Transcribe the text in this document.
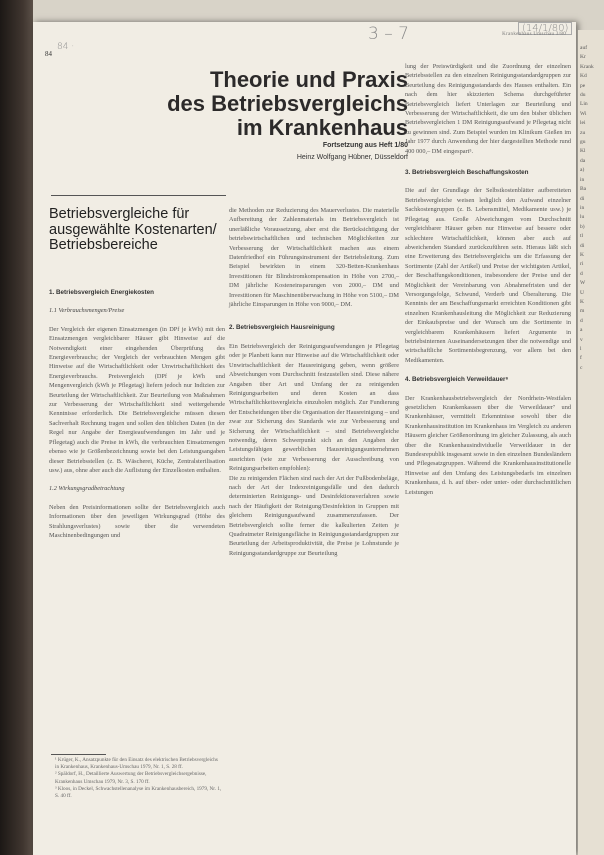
84
84 ·
3 – 7	(14/1/80)
Krankenhaus Umschau 3/80
Theorie und Praxis
des Betriebsvergleichs
im Krankenhaus
Fortsetzung aus Heft 1/80
Heinz Wolfgang Hübner, Düsseldorf
Betriebsvergleiche für ausgewählte Kostenarten/ Betriebsbereiche

1. Betriebsvergleich Energiekosten

1.1 Verbrauchsmengen/Preise

Der Vergleich der eigenen Einsatzmengen (in DPf je kWh) mit den Einsatzmengen vergleichbarer Häuser gibt Hinweise auf die Notwendigkeit einer eingehenden Überprüfung des Energieverbrauchs; der Vergleich der verbrauchten Mengen gibt Hinweise auf die Wirtschaftlichkeit oder Unwirtschaftlichkeit des Energieverbrauchs. Preisvergleich (DPf je kWh und Mengenvergleich (kWh je Pflegetag) liefern jedoch nur Indizien zur Beurteilung der Wirtschaftlichkeit. Zur Beurteilung von Maßnahmen zur Verbesserung der Wirtschaftlichkeit sind weitergehende Kenntnisse erforderlich. Die Betriebsvergleiche müssen diesen Sachverhalt Rechnung tragen und sollen den üblichen Daten (in der Regel nur Angabe der Energieaufwendungen im Jahr und je Pflegetag) auch die Preise in kWh, die verbrauchten Einsatzmengen ebenso wie je Größenbezeichnung sowie bei den Leistungsangaben dieser Betriebsstellen (z. B. Wäscherei, Küche, Zentralsterilisation usw.) aus, ohne aber auch die Auflistung der Einzelkosten enthalten.

1.2 Wirkungsgradbetrachtung

Neben den Preisinformationen sollte der Betriebsvergleich auch Informationen über den jeweiligen Wirkungsgrad (Höhe des Strahlungsverlustes) sowie über die verwendeten Maschinenbedingungen und

¹ Krüger, K., Ansatzpunkte für den Einsatz des elektrischen Betriebsvergleichs in Krankenhaus, Krankenhaus-Umschau 1979, Nr. 1, S. 28 ff.
² Späldorf, H., Detaillierte Auswertung der Betriebsvergleichsergebnisse, Krankenhaus Umschau 1979, Nr. 3, S. 170 ff.
³ Kloos, in Deckel, Schwachstellenanalyse im Krankenhausbereich, 1979, Nr. 1, S. 40 ff.

die Methoden zur Reduzierung des Mauerverlustes. Die materielle Aufbereitung der Zahlenmaterials im Betriebsvergleich ist unerläßliche Voraussetzung, aber erst die Berücksichtigung der betriebswirtschaftlichen und technischen Möglichkeiten zur Verbesserung der Wirtschaftlichkeit machen aus einem Datenfriedhof ein Führungsinstrument der Betriebsleitung. Zum Beispiel bewirkten in einem 320-Betten-Krankenhaus Investitionen für Blindstromkompensation in Höhe von 2700,– DM jährliche Kosteneinsparungen von 2000,– DM und Investitionen für Maschinenüberwachung in Höhe von 5100,– DM jährliche Einsparungen in Höhe von 9000,– DM.

2. Betriebsvergleich Hausreinigung

Ein Betriebsvergleich der Reinigungsaufwendungen je Pflegetag oder je Planbett kann nur Hinweise auf die Wirtschaftlichkeit oder Unwirtschaftlichkeit der Hausreinigung geben, wenn größere Abweichungen vom Durchschnitt festzustellen sind. Diese nähere Angaben über Art und Umfang der zu reinigenden Reinigungsarbeiten und deren Kosten an dass Wirtschaftlichkeitsvergleichs einzuholen möglich. Zur Fundierung der Entscheidungen über die Organisation der Hausreinigung – und zwar zur Sicherung des Standards wie zur Verbesserung und Sicherung der Wirtschaftlichkeit – sind Betriebsvergleiche notwendig, deren Schwerpunkt sich an den Angaben der Leistungsfähigen gewerblichen Hausreinigungsunternehmen ausrichten (wie zur Verbesserung der Ausschreibung von Reinigungsarbeiten empfohlen):

Die zu reinigenden Flächen sind nach der Art der Fußbodenbeläge, nach der Art der Indexreinigungsfälle und den dadurch determinierten Reinigungs- und Desinfektionsverfahren sowie nach der Häufigkeit der Reinigung/Desinfektion in Gruppen mit gleichem Reinigungsaufwand zusammenzufassen. Der Betriebsvergleich sollte ferner die kalkulierten Zeiten je Quadratmeter Reinigungsfläche in Reinigungsstandardgruppen zur Beurteilung der Arbeitsproduktivität, die Preise je Lohnstunde je Reinigungsstandardgruppe zur Beurteilung

lung der Preiswürdigkeit und die Zuordnung der einzelnen Betriebsstellen zu den einzelnen Reinigungsstandardgruppen zur Beurteilung des Reinigungsstandards des Hauses enthalten. Ein nach dem hier skizzierten Schema durchgeführter Betriebsvergleich liefert Unterlagen zur Beurteilung und Verbesserung der Wirtschaftlichkeit, die um den bisher üblichen Betriebsvergleichen 1 DM Reinigungsaufwand je Pflegetag nicht zu gewinnen sind. Zum Beispiel wurden im Klinikum Gießen im Jahr 1977 durch Anwendung der hier dargestellten Methode rund 400 000,– DM eingespart⁵.

3. Betriebsvergleich Beschaffungskosten

Die auf der Grundlage der Selbstkostenblätter aufbereiteten Betriebsvergleiche weisen lediglich den Aufwand einzelner Sachkostengruppen (z. B. Lebensmittel, Medikamente usw.) je Pflegetag aus. Große Abweichungen vom Durchschnitt vergleichbarer Häuser geben nur Hinweise auf bessere oder schlechtere Wirtschaftlichkeit, können aber auch auf abweichenden Standard zurückzuführen sein. Hieraus läßt sich eine Erweiterung des Betriebsvergleichs um die Erfassung der Sortimente (Zahl der Artikel) und Preise der wichtigsten Artikel, der Beschaffungskonditionen, insbesondere der Preise und der Möglichkeit der Vereinbarung von Abnahmefristen und der Versorgungsfolge, Schwund, Verderb und Überalterung. Die Kenntnis der am Beschaffungsmarkt erreichten Konditionen gibt einzelnen Krankenhausleitung die Möglichkeit zur Reduzierung der Einkaufspreise und der Wunsch um die Sortimente in vergleichbarem Krankenhäusern liefert Argumente in betriebsinternen Auseinandersetzungen über die notwendige und wirtschaftliche Sortimentsbegrenzung, vor allem bei den Medikamenten.

4. Betriebsvergleich Verweildauer⁶

Der Krankenhausbetriebsvergleich der Nordrhein-Westfalen gesetzlichen Krankenkassen über die Verweildauer⁷ und Krankenhäuser, vermittelt Erkenntnisse sowohl über die Krankenhausinstitution im Krankenhaus im Vergleich zu anderen Häusern gleicher Größenordnung im gleicher Zulassung, als auch über die Krankenhausindividuelle Verweildauer in der Bundesrepublik insgesamt sowie in den einzelnen Bundesländern und Pflegesatzgruppen. Während die Krankenhausinstitutionelle Hinweise auf den Umfang des Leistungsbedarfs im einzelnen Krankenhaus, d. h. auf über- oder unter- oder durchschnittlichen Leistungen

auf
Kr
Krank
Kd
pe
du
Lin
Wi
lei
zu
gu
Kl
da
a)
in
Ba
di
in
lu
b)
tl
di
K
ri
d
W
U
K
m
d
a
v
l
f
c
